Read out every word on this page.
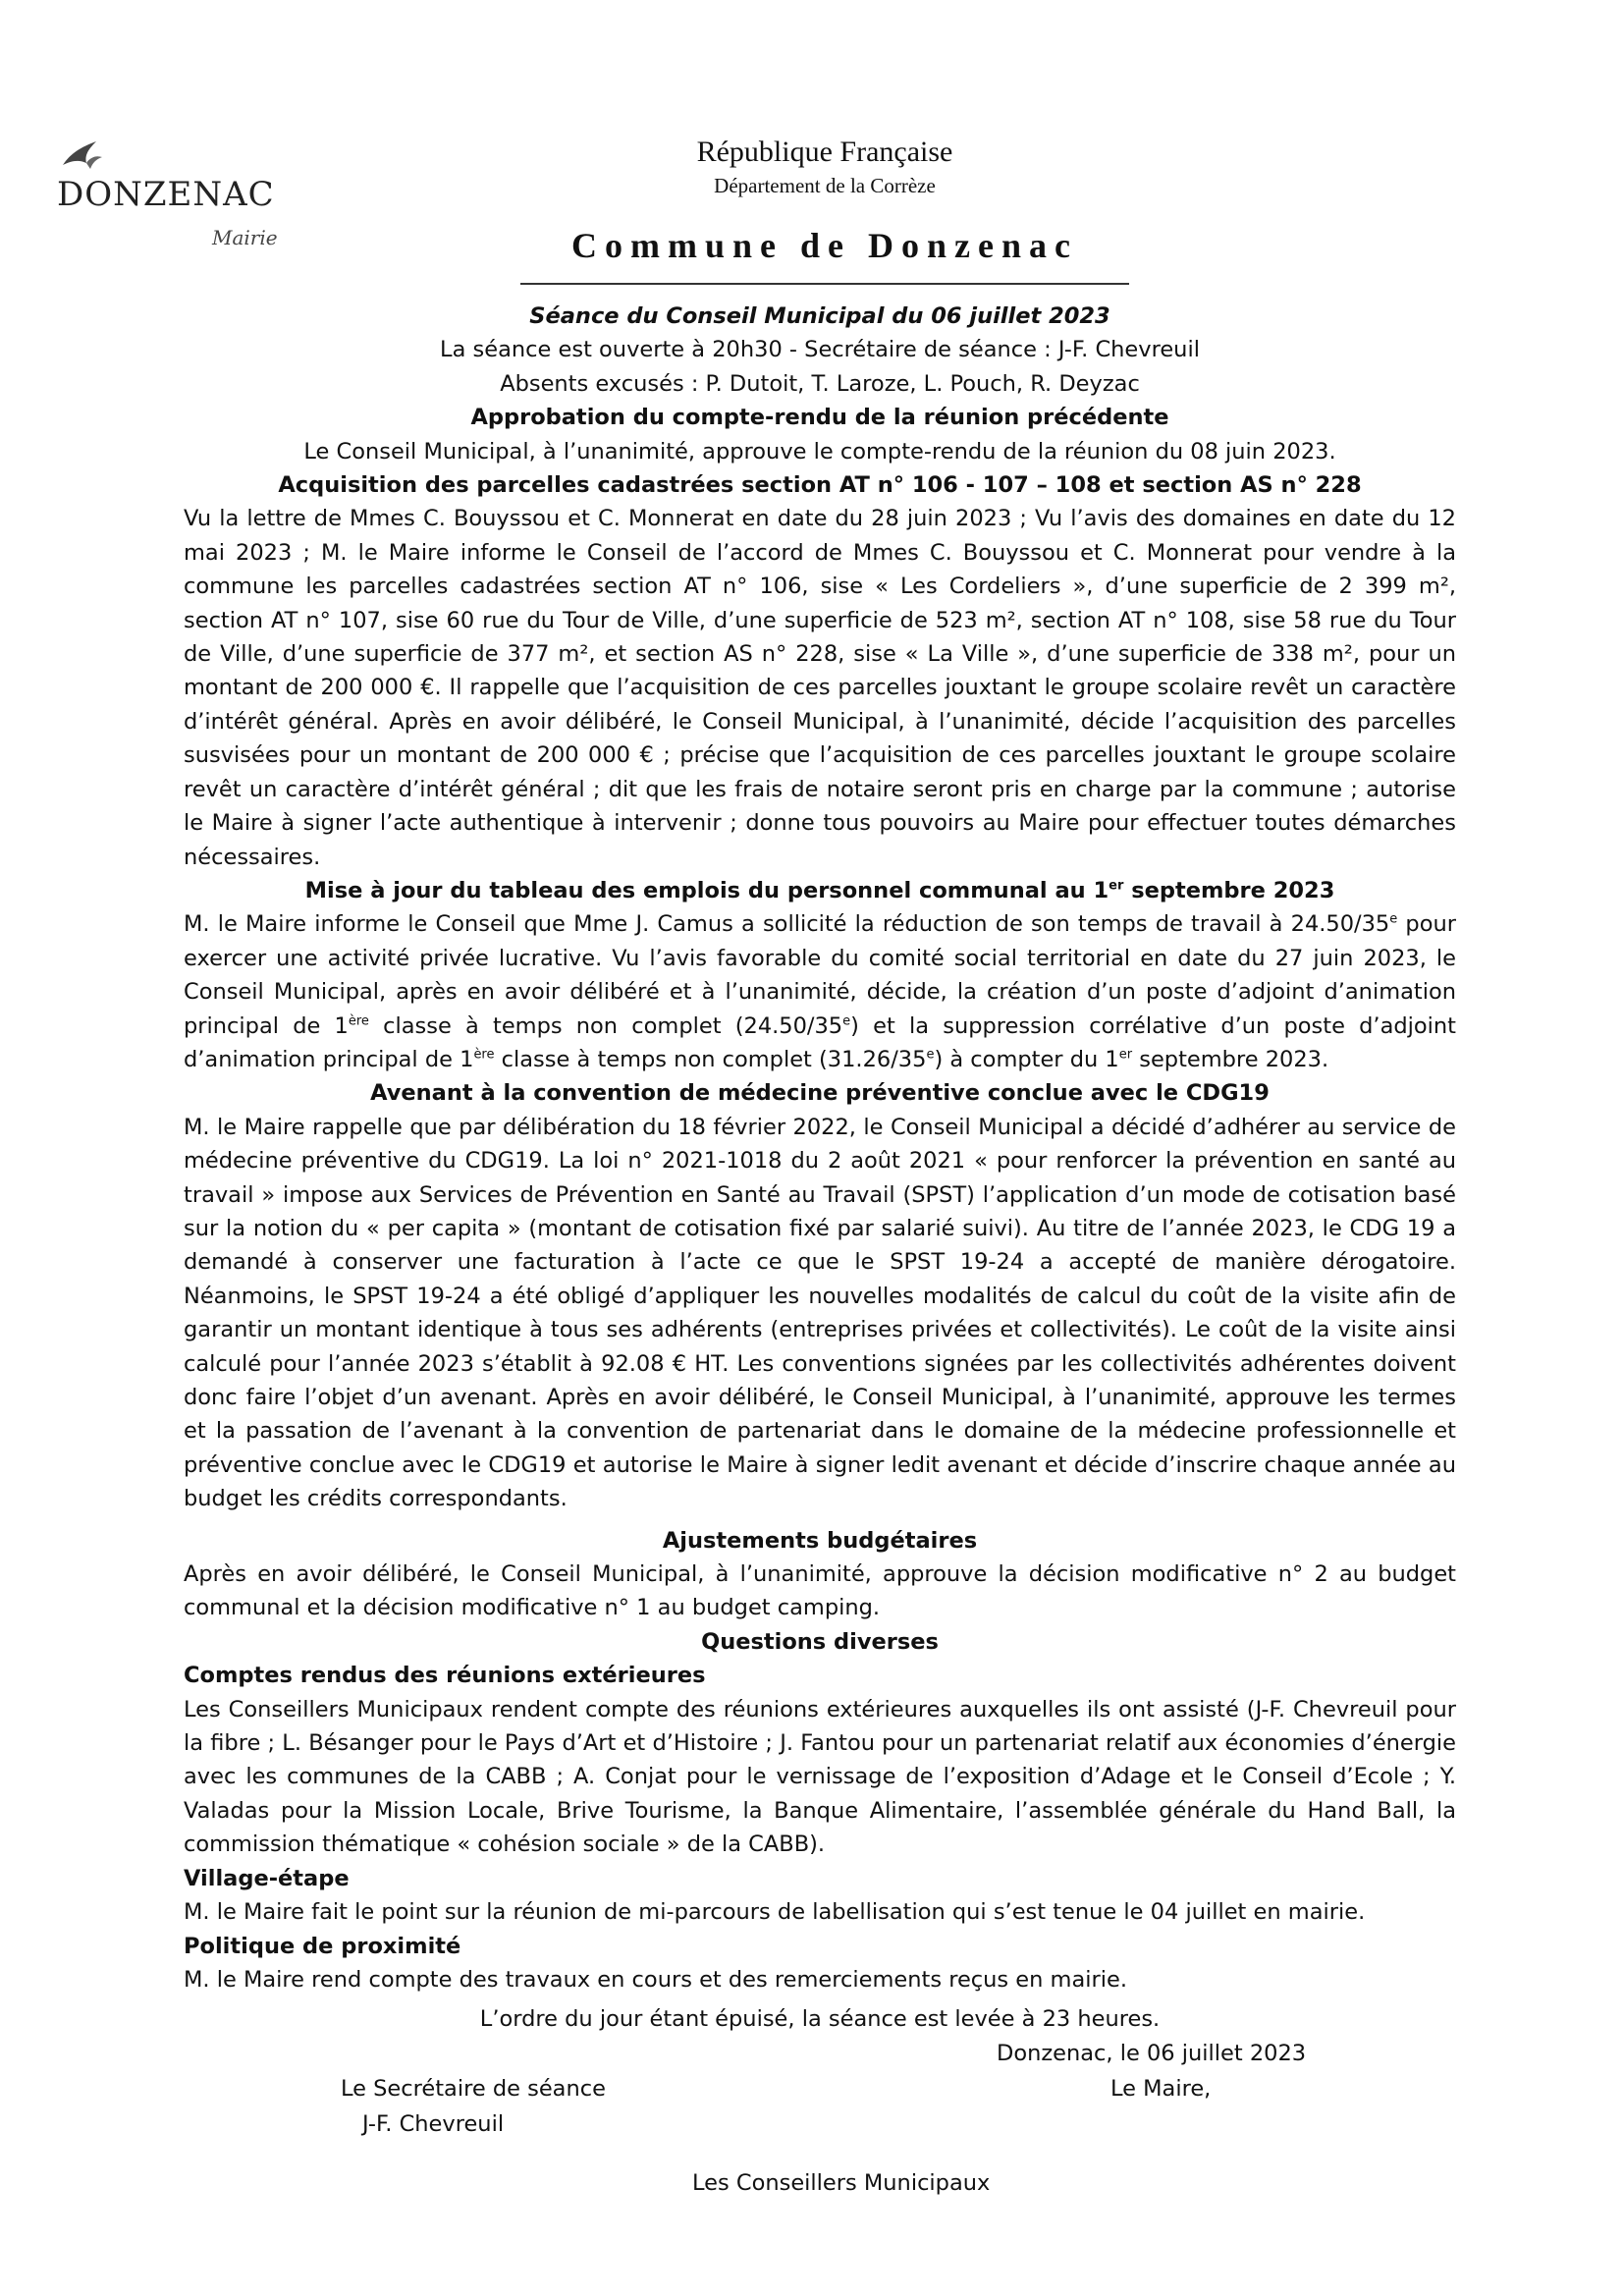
DONZENAC
Mairie
République Française
Département de la Corrèze
Commune de Donzenac

Séance du Conseil Municipal du 06 juillet 2023

La séance est ouverte à 20h30 - Secrétaire de séance : J-F. Chevreuil

Absents excusés : P. Dutoit, T. Laroze, L. Pouch, R. Deyzac

Approbation du compte-rendu de la réunion précédente

Le Conseil Municipal, à l’unanimité, approuve le compte-rendu de la réunion du 08 juin 2023.

Acquisition des parcelles cadastrées section AT n° 106 - 107 – 108 et section AS n° 228

Vu la lettre de Mmes C. Bouyssou et C. Monnerat en date du 28 juin 2023 ; Vu l’avis des domaines en date du 12 mai 2023 ; M. le Maire informe le Conseil de l’accord de Mmes C. Bouyssou et C. Monnerat pour vendre à la commune les parcelles cadastrées section AT n° 106, sise « Les Cordeliers », d’une superficie de 2 399 m², section AT n° 107, sise 60 rue du Tour de Ville, d’une superficie de 523 m², section AT n° 108, sise 58 rue du Tour de Ville, d’une superficie de 377 m², et section AS n° 228, sise « La Ville », d’une superficie de 338 m², pour un montant de 200 000 €. Il rappelle que l’acquisition de ces parcelles jouxtant le groupe scolaire revêt un caractère d’intérêt général. Après en avoir délibéré, le Conseil Municipal, à l’unanimité, décide l’acquisition des parcelles susvisées pour un montant de 200 000 € ; précise que l’acquisition de ces parcelles jouxtant le groupe scolaire revêt un caractère d’intérêt général ; dit que les frais de notaire seront pris en charge par la commune ; autorise le Maire à signer l’acte authentique à intervenir ; donne tous pouvoirs au Maire pour effectuer toutes démarches nécessaires.

Mise à jour du tableau des emplois du personnel communal au 1er septembre 2023

M. le Maire informe le Conseil que Mme J. Camus a sollicité la réduction de son temps de travail à 24.50/35e pour exercer une activité privée lucrative. Vu l’avis favorable du comité social territorial en date du 27 juin 2023, le Conseil Municipal, après en avoir délibéré et à l’unanimité, décide, la création d’un poste d’adjoint d’animation principal de 1ère classe à temps non complet (24.50/35e) et la suppression corrélative d’un poste d’adjoint d’animation principal de 1ère classe à temps non complet (31.26/35e) à compter du 1er septembre 2023.

Avenant à la convention de médecine préventive conclue avec le CDG19

M. le Maire rappelle que par délibération du 18 février 2022, le Conseil Municipal a décidé d’adhérer au service de médecine préventive du CDG19. La loi n° 2021-1018 du 2 août 2021 « pour renforcer la prévention en santé au travail » impose aux Services de Prévention en Santé au Travail (SPST) l’application d’un mode de cotisation basé sur la notion du « per capita » (montant de cotisation fixé par salarié suivi). Au titre de l’année 2023, le CDG 19 a demandé à conserver une facturation à l’acte ce que le SPST 19-24 a accepté de manière dérogatoire. Néanmoins, le SPST 19-24 a été obligé d’appliquer les nouvelles modalités de calcul du coût de la visite afin de garantir un montant identique à tous ses adhérents (entreprises privées et collectivités). Le coût de la visite ainsi calculé pour l’année 2023 s’établit à 92.08 € HT. Les conventions signées par les collectivités adhérentes doivent donc faire l’objet d’un avenant. Après en avoir délibéré, le Conseil Municipal, à l’unanimité, approuve les termes et la passation de l’avenant à la convention de partenariat dans le domaine de la médecine professionnelle et préventive conclue avec le CDG19 et autorise le Maire à signer ledit avenant et décide d’inscrire chaque année au budget les crédits correspondants.

Ajustements budgétaires

Après en avoir délibéré, le Conseil Municipal, à l’unanimité, approuve la décision modificative n° 2 au budget communal et la décision modificative n° 1 au budget camping.

Questions diverses

Comptes rendus des réunions extérieures

Les Conseillers Municipaux rendent compte des réunions extérieures auxquelles ils ont assisté (J-F. Chevreuil pour la fibre ; L. Bésanger pour le Pays d’Art et d’Histoire ; J. Fantou pour un partenariat relatif aux économies d’énergie avec les communes de la CABB ; A. Conjat pour le vernissage de l’exposition d’Adage et le Conseil d’Ecole ; Y. Valadas pour la Mission Locale, Brive Tourisme, la Banque Alimentaire, l’assemblée générale du Hand Ball, la commission thématique « cohésion sociale » de la CABB).

Village-étape

M. le Maire fait le point sur la réunion de mi-parcours de labellisation qui s’est tenue le 04 juillet en mairie.

Politique de proximité

M. le Maire rend compte des travaux en cours et des remerciements reçus en mairie.

L’ordre du jour étant épuisé, la séance est levée à 23 heures.

Donzenac, le 06 juillet 2023
Le Secrétaire de séance	Le Maire,
J-F. Chevreuil
Les Conseillers Municipaux
